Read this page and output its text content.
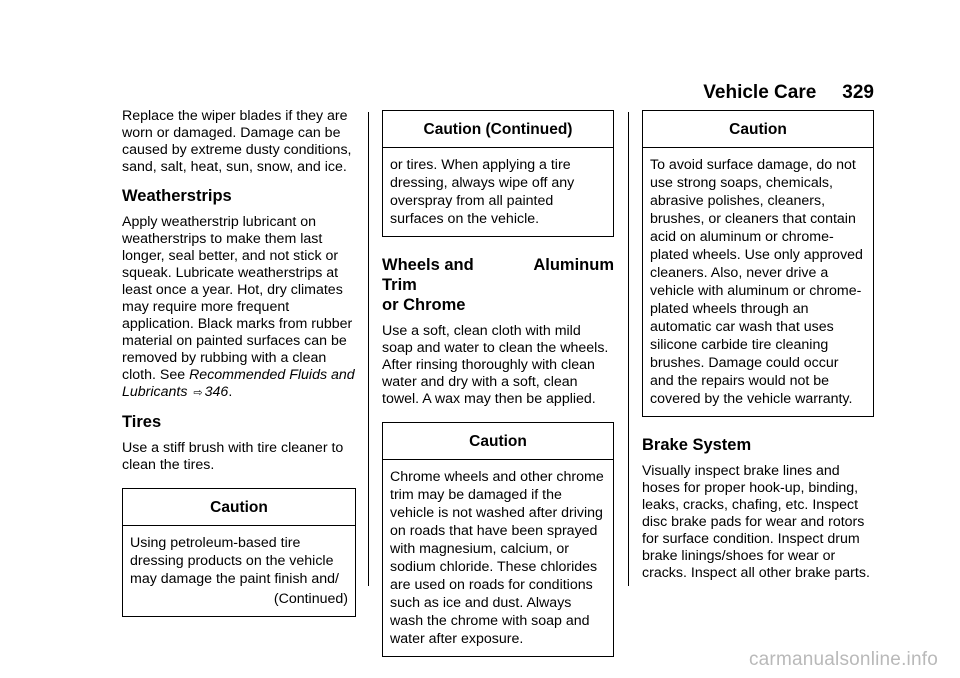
Vehicle Care 329

Replace the wiper blades if they are worn or damaged. Damage can be caused by extreme dusty conditions, sand, salt, heat, sun, snow, and ice.

Weatherstrips

Apply weatherstrip lubricant on weatherstrips to make them last longer, seal better, and not stick or squeak. Lubricate weatherstrips at least once a year. Hot, dry climates may require more frequent application. Black marks from rubber material on painted surfaces can be removed by rubbing with a clean cloth. See Recommended Fluids and Lubricants ⇨ 346.

Tires

Use a stiff brush with tire cleaner to clean the tires.

Caution
Using petroleum-based tire dressing products on the vehicle may damage the paint finish and/
(Continued)
Caution (Continued)
or tires. When applying a tire dressing, always wipe off any overspray from all painted surfaces on the vehicle.
Wheels and Trim
Aluminum
or Chrome

Use a soft, clean cloth with mild soap and water to clean the wheels. After rinsing thoroughly with clean water and dry with a soft, clean towel. A wax may then be applied.

Caution
Chrome wheels and other chrome trim may be damaged if the vehicle is not washed after driving on roads that have been sprayed with magnesium, calcium, or sodium chloride. These chlorides are used on roads for conditions such as ice and dust. Always wash the chrome with soap and water after exposure.
Caution
To avoid surface damage, do not use strong soaps, chemicals, abrasive polishes, cleaners, brushes, or cleaners that contain acid on aluminum or chrome-plated wheels. Use only approved cleaners. Also, never drive a vehicle with aluminum or chrome-plated wheels through an automatic car wash that uses silicone carbide tire cleaning brushes. Damage could occur and the repairs would not be covered by the vehicle warranty.
Brake System

Visually inspect brake lines and hoses for proper hook-up, binding, leaks, cracks, chafing, etc. Inspect disc brake pads for wear and rotors for surface condition. Inspect drum brake linings/shoes for wear or cracks. Inspect all other brake parts.

carmanualsonline.info
